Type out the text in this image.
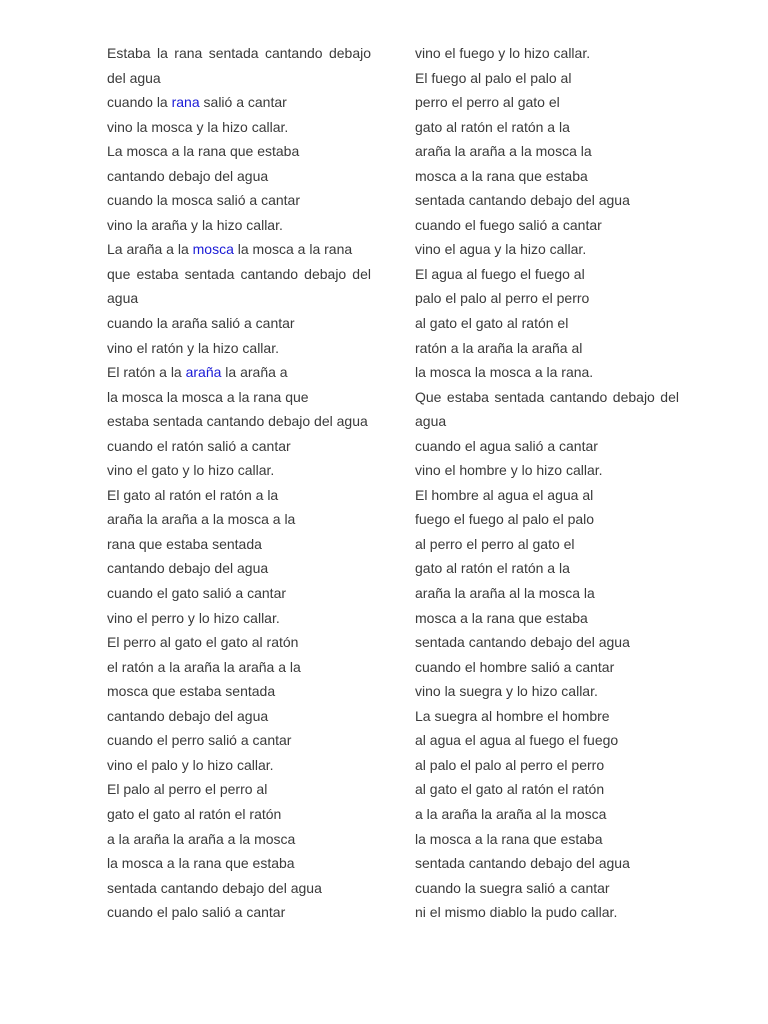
Estaba la rana sentada cantando debajo
del agua
cuando la rana salió a cantar
vino la mosca y la hizo callar.
La mosca a la rana que estaba
cantando debajo del agua
cuando la mosca salió a cantar
vino la araña y la hizo callar.
La araña a la mosca la mosca a la rana
que estaba sentada cantando debajo del
agua
cuando la araña salió a cantar
vino el ratón y la hizo callar.
El ratón a la araña la araña a
la mosca la mosca a la rana que
estaba sentada cantando debajo del agua
cuando el ratón salió a cantar
vino el gato y lo hizo callar.
El gato al ratón el ratón a la
araña la araña a la mosca a la
rana que estaba sentada
cantando debajo del agua
cuando el gato salió a cantar
vino el perro y lo hizo callar.
El perro al gato el gato al ratón
el ratón a la araña la araña a la
mosca que estaba sentada
cantando debajo del agua
cuando el perro salió a cantar
vino el palo y lo hizo callar.
El palo al perro el perro al
gato el gato al ratón el ratón
a la araña la araña a la mosca
la mosca a la rana que estaba
sentada cantando debajo del agua
cuando el palo salió a cantar
vino el fuego y lo hizo callar.
El fuego al palo el palo al
perro el perro al gato el
gato al ratón el ratón a la
araña la araña a la mosca la
mosca a la rana que estaba
sentada cantando debajo del agua
cuando el fuego salió a cantar
vino el agua y la hizo callar.
El agua al fuego el fuego al
palo el palo al perro el perro
al gato el gato al ratón el
ratón a la araña la araña al
la mosca la mosca a la rana.
Que estaba sentada cantando debajo del
agua
cuando el agua salió a cantar
vino el hombre y lo hizo callar.
El hombre al agua el agua al
fuego el fuego al palo el palo
al perro el perro al gato el
gato al ratón el ratón a la
araña la araña al la mosca la
mosca a la rana que estaba
sentada cantando debajo del agua
cuando el hombre salió a cantar
vino la suegra y lo hizo callar.
La suegra al hombre el hombre
al agua el agua al fuego el fuego
al palo el palo al perro el perro
al gato el gato al ratón el ratón
a la araña la araña al la mosca
la mosca a la rana que estaba
sentada cantando debajo del agua
cuando la suegra salió a cantar
ni el mismo diablo la pudo callar.
